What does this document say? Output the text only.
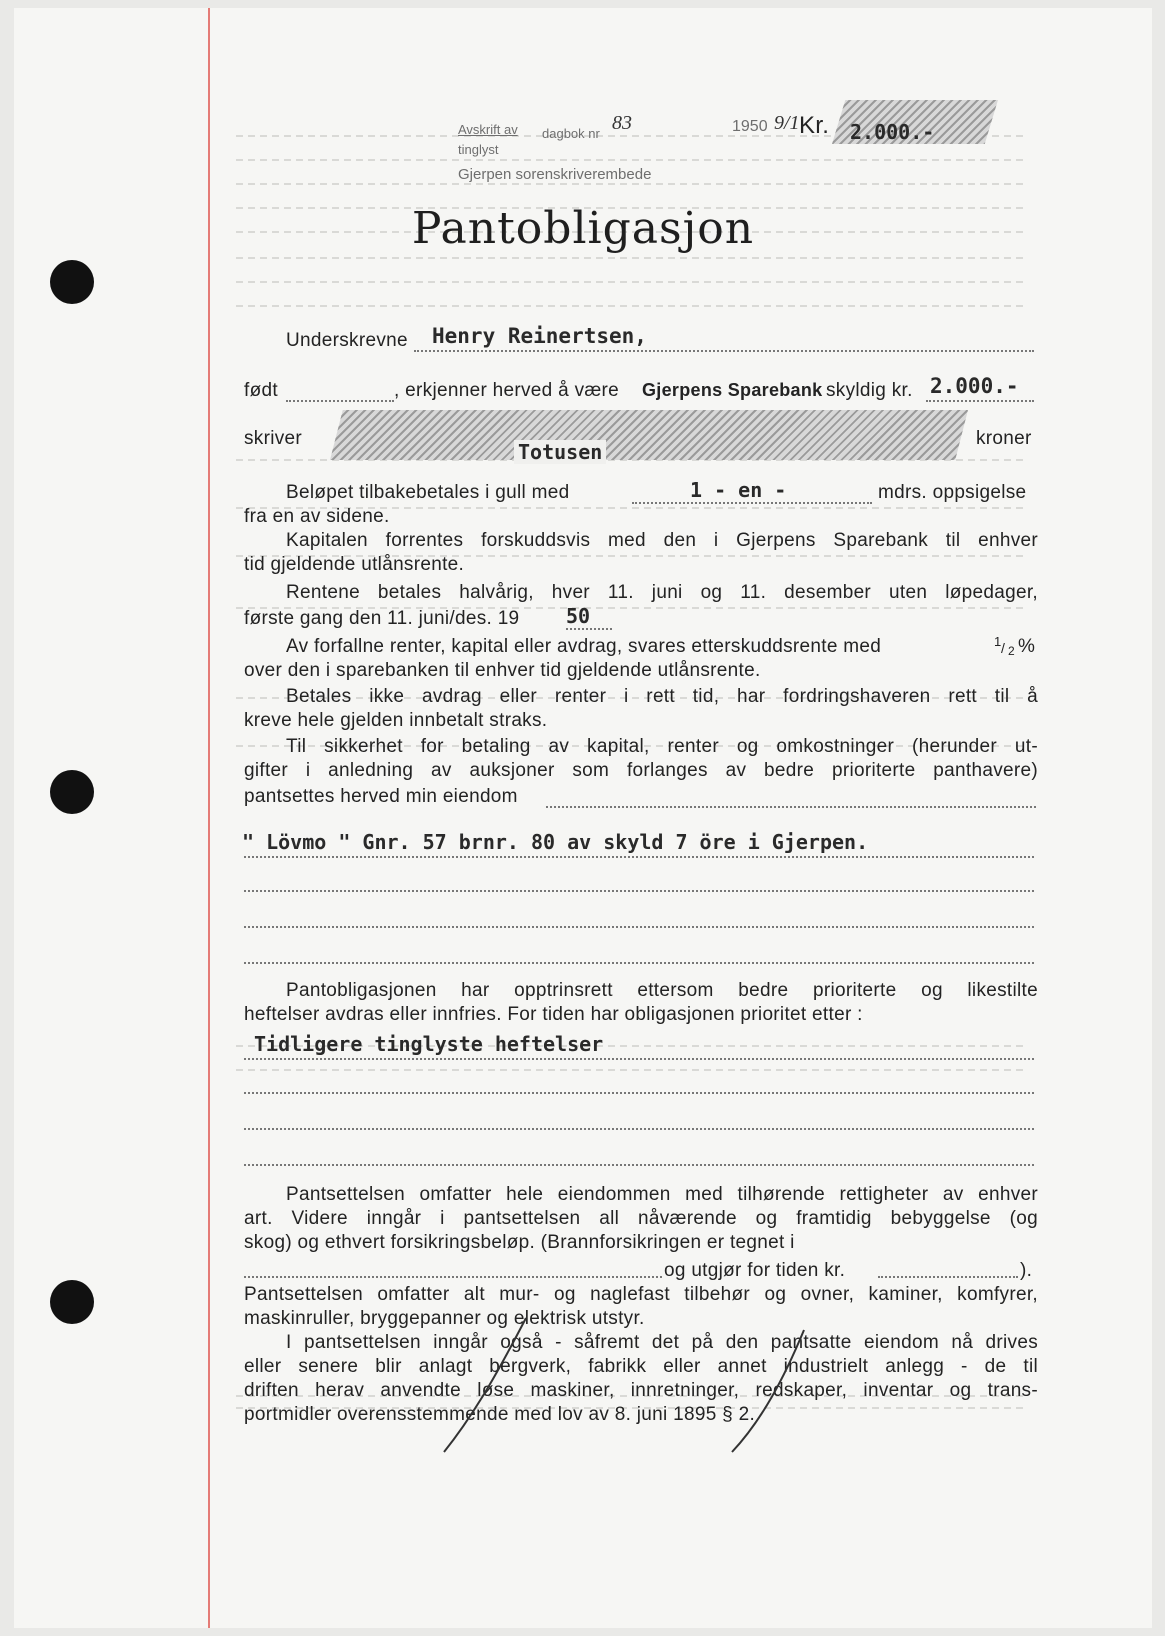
Avskrift av dagbok nr 83
tinglyst
Gjerpen sorenskriverembede
1950 9/1 Kr. 2.000.-
Pantobligasjon
Underskrevne Henry Reinertsen,
født	, erkjenner herved å være Gjerpens Sparebank skyldig kr. 2.000.-
skriver
Totusen
kroner
Beløpet tilbakebetales i gull med	1 - en -	mdrs. oppsigelse
fra en av sidene.
Kapitalen forrentes forskuddsvis med den i Gjerpens Sparebank til enhver
tid gjeldende utlånsrente.
Rentene betales halvårig, hver 11. juni og 11. desember uten løpedager,
første gang den 11. juni/des. 19 50
Av forfallne renter, kapital eller avdrag, svares etterskuddsrente med	1 / 2 %
over den i sparebanken til enhver tid gjeldende utlånsrente.
Betales ikke avdrag eller renter i rett tid, har fordringshaveren rett til å
kreve hele gjelden innbetalt straks.
Til sikkerhet for betaling av kapital, renter og omkostninger (herunder ut-
gifter i anledning av auksjoner som forlanges av bedre prioriterte panthavere)
pantsettes herved min eiendom
" Lövmo " Gnr. 57 brnr. 80 av skyld 7 öre i Gjerpen.
Pantobligasjonen har opptrinsrett ettersom bedre prioriterte og likestilte
heftelser avdras eller innfries. For tiden har obligasjonen prioritet etter :
Tidligere tinglyste heftelser
Pantsettelsen omfatter hele eiendommen med tilhørende rettigheter av enhver
art. Videre inngår i pantsettelsen all nåværende og framtidig bebyggelse (og
skog) og ethvert forsikringsbeløp. (Brannforsikringen er tegnet i
og utgjør for tiden kr.	).
Pantsettelsen omfatter alt mur- og naglefast tilbehør og ovner, kaminer, komfyrer,
maskinruller, bryggepanner og elektrisk utstyr.
I pantsettelsen inngår også - såfremt det på den pantsatte eiendom nå drives
eller senere blir anlagt bergverk, fabrikk eller annet industrielt anlegg - de til
driften herav anvendte løse maskiner, innretninger, redskaper, inventar og trans-
portmidler overensstemmende med lov av 8. juni 1895 § 2.
